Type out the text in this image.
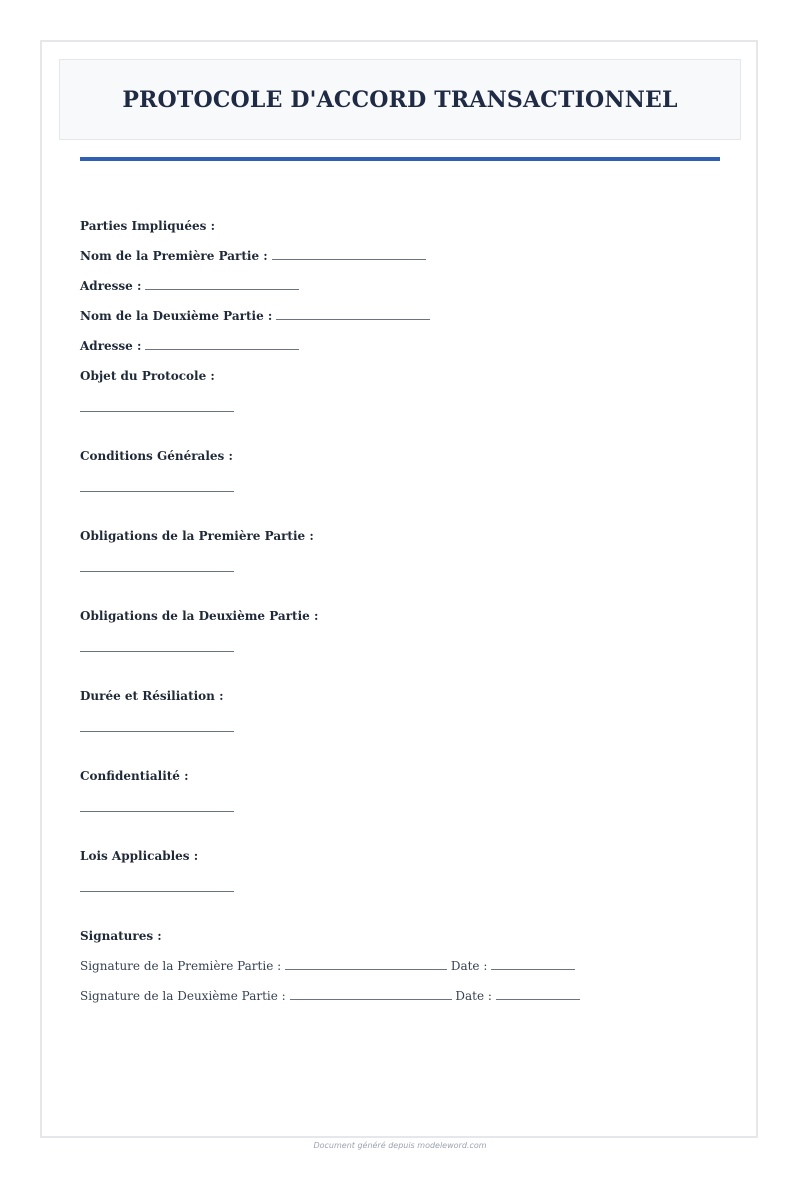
PROTOCOLE D'ACCORD TRANSACTIONNEL
Parties Impliquées :
Nom de la Première Partie :
Adresse :
Nom de la Deuxième Partie :
Adresse :
Objet du Protocole :
Conditions Générales :
Obligations de la Première Partie :
Obligations de la Deuxième Partie :
Durée et Résiliation :
Confidentialité :
Lois Applicables :
Signatures :
Signature de la Première Partie :	Date :
Signature de la Deuxième Partie :	Date :
Document généré depuis modeleword.com
